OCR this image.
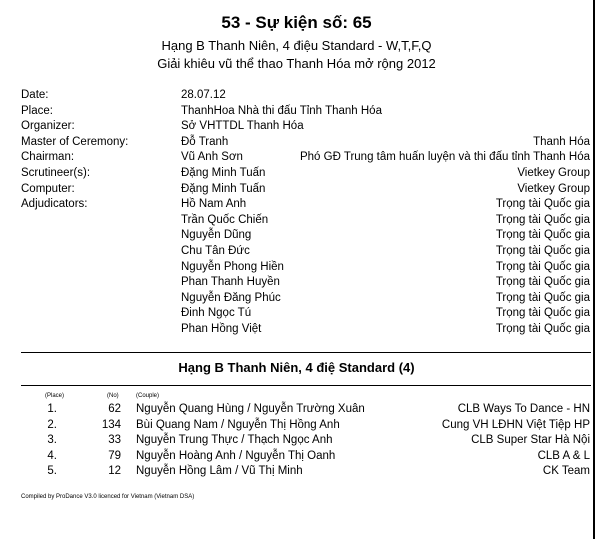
53 - Sự kiện số: 65
Hạng B Thanh Niên, 4 điệu Standard - W,T,F,Q
Giải khiêu vũ thể thao Thanh Hóa mở rộng 2012
Date:	28.07.12
Place:	ThanhHoa Nhà thi đấu Tỉnh Thanh Hóa
Organizer:	Sở VHTTDL Thanh Hóa
Master of Ceremony:	Đỗ Tranh	Thanh Hóa
Chairman:	Vũ Anh Sơn	Phó GĐ Trung tâm huấn luyện và thi đấu tỉnh Thanh Hóa
Scrutineer(s):	Đặng Minh Tuấn	Vietkey Group
Computer:	Đặng Minh Tuấn	Vietkey Group
Adjudicators:	Hồ Nam Anh	Trọng tài Quốc gia
Trần Quốc Chiến	Trọng tài Quốc gia
Nguyễn Dũng	Trọng tài Quốc gia
Chu Tân Đức	Trọng tài Quốc gia
Nguyễn Phong Hiền	Trọng tài Quốc gia
Phan Thanh Huyền	Trọng tài Quốc gia
Nguyễn Đăng Phúc	Trọng tài Quốc gia
Đinh Ngọc Tú	Trọng tài Quốc gia
Phan Hồng Việt	Trọng tài Quốc gia
Hạng B Thanh Niên, 4 điệ Standard (4)
(Place)	(No)	(Couple)
1.	62 Nguyễn Quang Hùng / Nguyễn Trường Xuân	CLB Ways To Dance - HN
2.	134 Bùi Quang Nam / Nguyễn Thị Hồng Anh	Cung VH LĐHN Việt Tiệp HP
3.	33 Nguyễn Trung Thực / Thạch Ngọc Anh	CLB Super Star Hà Nội
4.	79 Nguyễn Hoàng Anh / Nguyễn Thị Oanh	CLB A & L
5.	12 Nguyễn Hồng Lâm / Vũ Thị Minh	CK Team
Compiled by ProDance V3.0 licenced for Vietnam (Vietnam DSA)
